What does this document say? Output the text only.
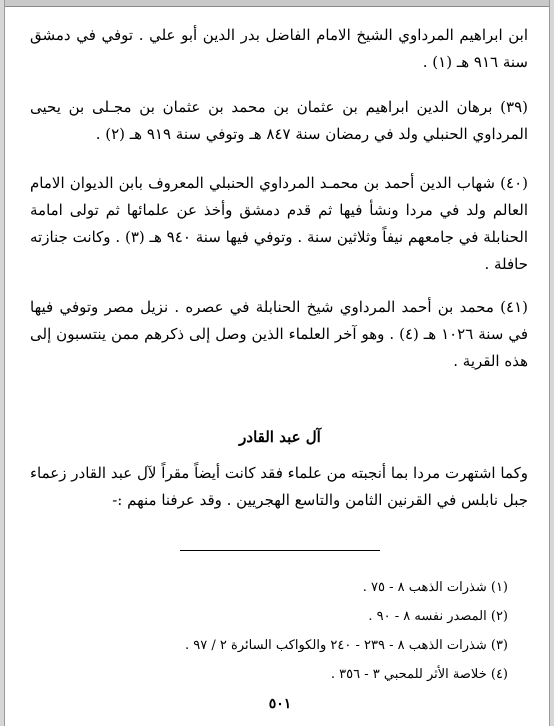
ابن ابراهيم المرداوي الشيخ الامام الفاضل بدر الدين أبو علي . توفي في دمشق سنة ٩١٦ هـ (١) .

(٣٩) برهان الدين ابراهيم بن عثمان بن محمد بن عثمان بن مجـلى بن يحيى المرداوي الحنبلي ولد في رمضان سنة ٨٤٧ هـ وتوفي سنة ٩١٩ هـ (٢) .

(٤٠) شهاب الدين أحمد بن محمـد المرداوي الحنبلي المعروف بابن الديوان الامام العالم ولد في مردا ونشأ فيها ثم قدم دمشق وأخذ عن علمائها ثم تولى امامة الحنابلة في جامعهم نيفاً وثلاثين سنة . وتوفي فيها سنة ٩٤٠ هـ (٣) . وكانت جنازته حافلة .

(٤١) محمد بن أحمد المرداوي شيخ الحنابلة في عصره . نزيل مصر وتوفي فيها في سنة ١٠٢٦ هـ (٤) . وهو آخر العلماء الذين وصل إلى ذكرهم ممن ينتسبون إلى هذه القرية .

آل عبد القادر

وكما اشتهرت مردا بما أنجبته من علماء فقد كانت أيضاً مقراً لآل عبد القادر زعماء جبل نابلس في القرنين الثامن والتاسع الهجريين . وقد عرفنا منهم :-

(١) شذرات الذهب ٨ - ٧٥ .
(٢) المصدر نفسه ٨ - ٩٠ .
(٣) شذرات الذهب ٨ - ٢٣٩ - ٢٤٠ والكواكب السائرة ٢ / ٩٧ .
(٤) خلاصة الأثر للمحبي ٣ - ٣٥٦ .
٥٠١
